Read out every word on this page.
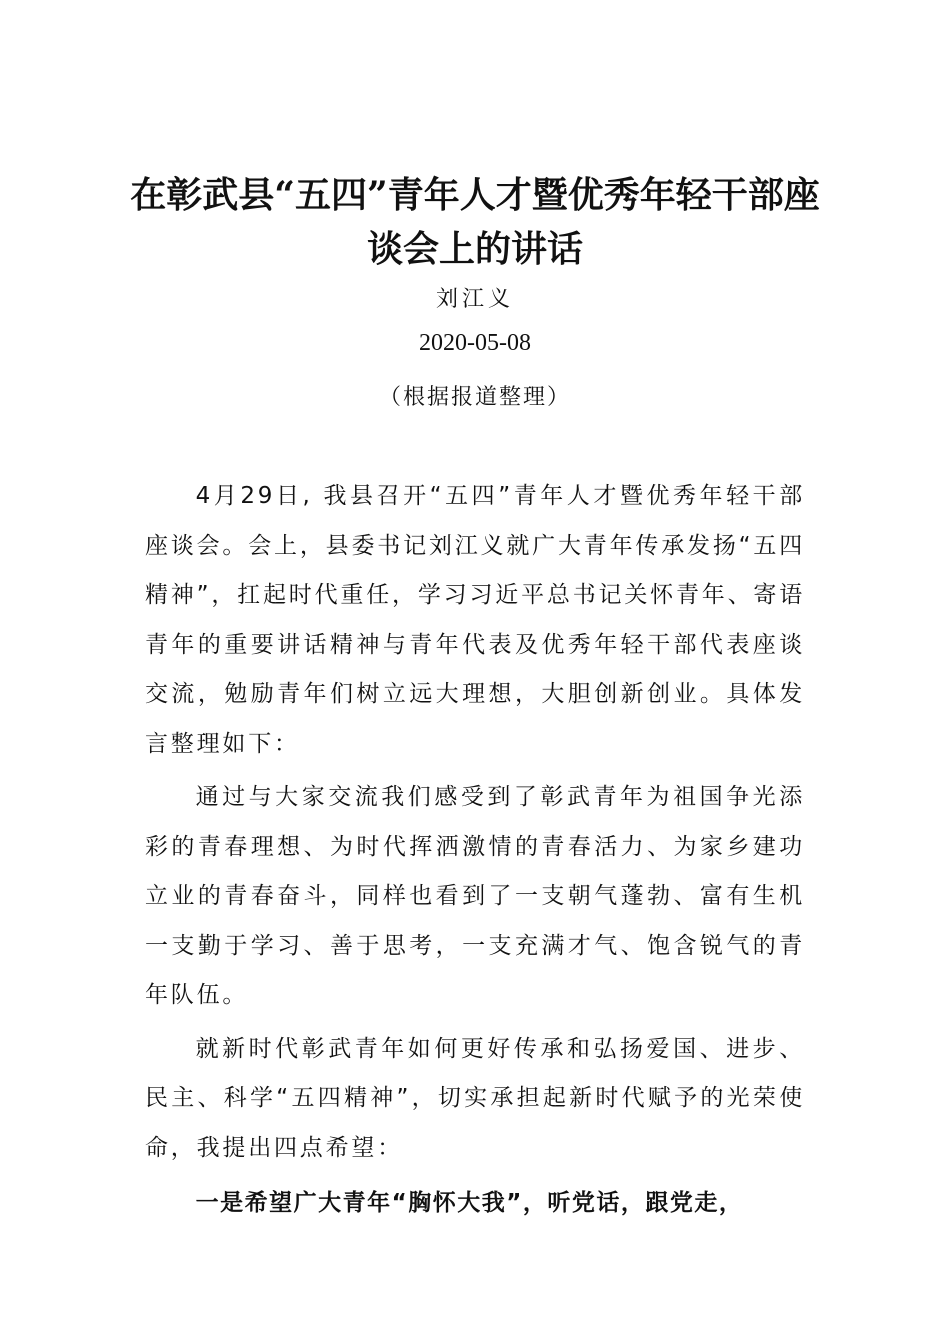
在彰武县“五四”青年人才暨优秀年轻干部座谈会上的讲话

刘江义

2020-05-08

（根据报道整理）

4月29日, 我县召开“五四”青年人才暨优秀年轻干部座谈会。会上，县委书记刘江义就广大青年传承发扬“五四精神”，扛起时代重任，学习习近平总书记关怀青年、寄语青年的重要讲话精神与青年代表及优秀年轻干部代表座谈交流，勉励青年们树立远大理想，大胆创新创业。具体发言整理如下：

通过与大家交流我们感受到了彰武青年为祖国争光添彩的青春理想、为时代挥洒激情的青春活力、为家乡建功立业的青春奋斗，同样也看到了一支朝气蓬勃、富有生机一支勤于学习、善于思考，一支充满才气、饱含锐气的青年队伍。

就新时代彰武青年如何更好传承和弘扬爱国、进步、民主、科学“五四精神”，切实承担起新时代赋予的光荣使命，我提出四点希望：

一是希望广大青年“胸怀大我”，听党话，跟党走，
